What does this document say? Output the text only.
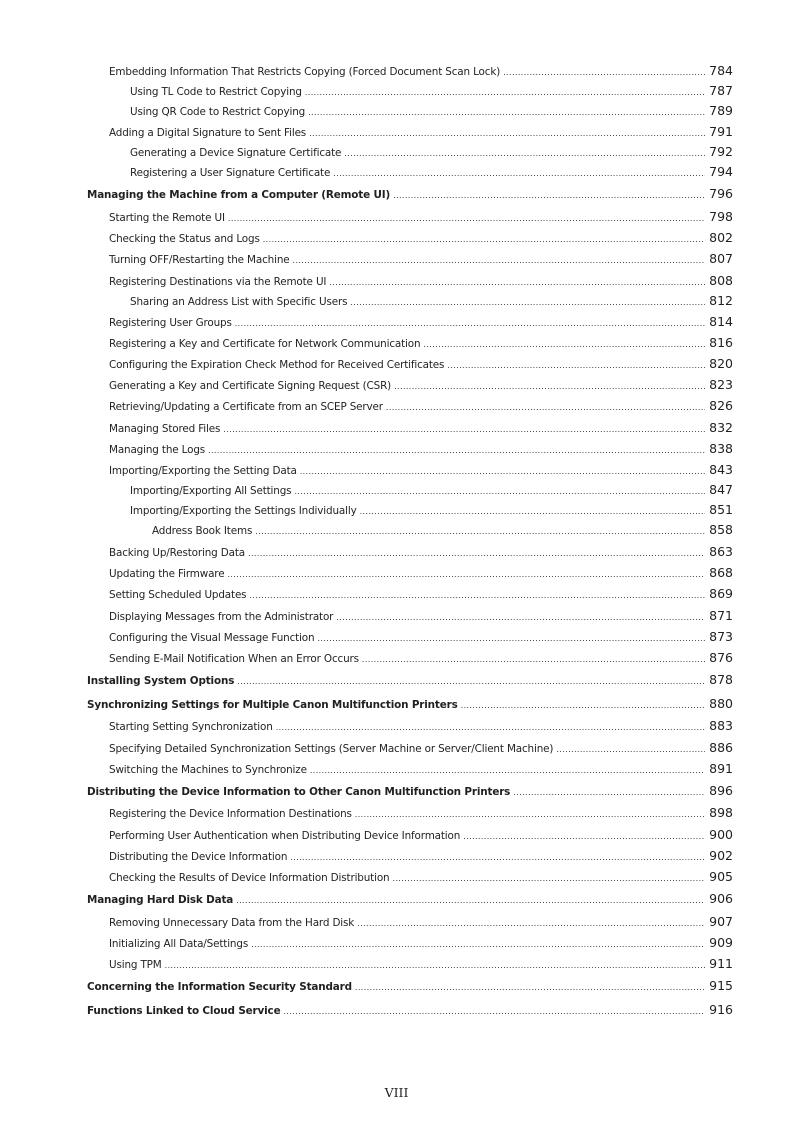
Embedding Information That Restricts Copying (Forced Document Scan Lock) .....	784
Using TL Code to Restrict Copying .....	787
Using QR Code to Restrict Copying .....	789
Adding a Digital Signature to Sent Files .....	791
Generating a Device Signature Certificate .....	792
Registering a User Signature Certificate .....	794
Managing the Machine from a Computer (Remote UI) .....	796
Starting the Remote UI .....	798
Checking the Status and Logs .....	802
Turning OFF/Restarting the Machine .....	807
Registering Destinations via the Remote UI .....	808
Sharing an Address List with Specific Users .....	812
Registering User Groups .....	814
Registering a Key and Certificate for Network Communication .....	816
Configuring the Expiration Check Method for Received Certificates .....	820
Generating a Key and Certificate Signing Request (CSR) .....	823
Retrieving/Updating a Certificate from an SCEP Server .....	826
Managing Stored Files .....	832
Managing the Logs .....	838
Importing/Exporting the Setting Data .....	843
Importing/Exporting All Settings .....	847
Importing/Exporting the Settings Individually .....	851
Address Book Items .....	858
Backing Up/Restoring Data .....	863
Updating the Firmware .....	868
Setting Scheduled Updates .....	869
Displaying Messages from the Administrator .....	871
Configuring the Visual Message Function .....	873
Sending E-Mail Notification When an Error Occurs .....	876
Installing System Options .....	878
Synchronizing Settings for Multiple Canon Multifunction Printers .....	880
Starting Setting Synchronization .....	883
Specifying Detailed Synchronization Settings (Server Machine or Server/Client Machine) .....	886
Switching the Machines to Synchronize .....	891
Distributing the Device Information to Other Canon Multifunction Printers .....	896
Registering the Device Information Destinations .....	898
Performing User Authentication when Distributing Device Information .....	900
Distributing the Device Information .....	902
Checking the Results of Device Information Distribution .....	905
Managing Hard Disk Data .....	906
Removing Unnecessary Data from the Hard Disk .....	907
Initializing All Data/Settings .....	909
Using TPM .....	911
Concerning the Information Security Standard .....	915
Functions Linked to Cloud Service .....	916
VIII
